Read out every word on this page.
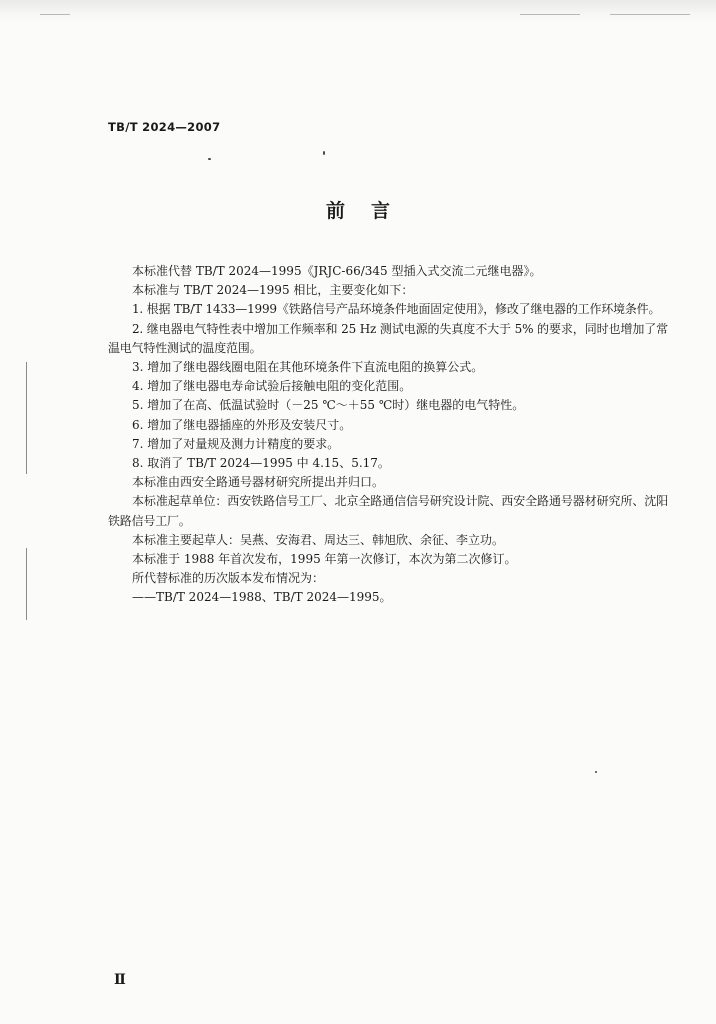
TB/T 2024—2007
前言

本标准代替 TB/T 2024—1995《JRJC-66/345 型插入式交流二元继电器》。

本标准与 TB/T 2024—1995 相比，主要变化如下：

1. 根据 TB/T 1433—1999《铁路信号产品环境条件地面固定使用》，修改了继电器的工作环境条件。

2. 继电器电气特性表中增加工作频率和 25 Hz 测试电源的失真度不大于 5% 的要求，同时也增加了常温电气特性测试的温度范围。

3. 增加了继电器线圈电阻在其他环境条件下直流电阻的换算公式。

4. 增加了继电器电寿命试验后接触电阻的变化范围。

5. 增加了在高、低温试验时（－25 ℃～＋55 ℃时）继电器的电气特性。

6. 增加了继电器插座的外形及安装尺寸。

7. 增加了对量规及测力计精度的要求。

8. 取消了 TB/T 2024—1995 中 4.15、5.17。

本标准由西安全路通号器材研究所提出并归口。

本标准起草单位：西安铁路信号工厂、北京全路通信信号研究设计院、西安全路通号器材研究所、沈阳铁路信号工厂。

本标准主要起草人：吴燕、安海君、周达三、韩旭欣、余征、李立功。

本标准于 1988 年首次发布，1995 年第一次修订，本次为第二次修订。

所代替标准的历次版本发布情况为：

——TB/T 2024—1988、TB/T 2024—1995。

Ⅱ
